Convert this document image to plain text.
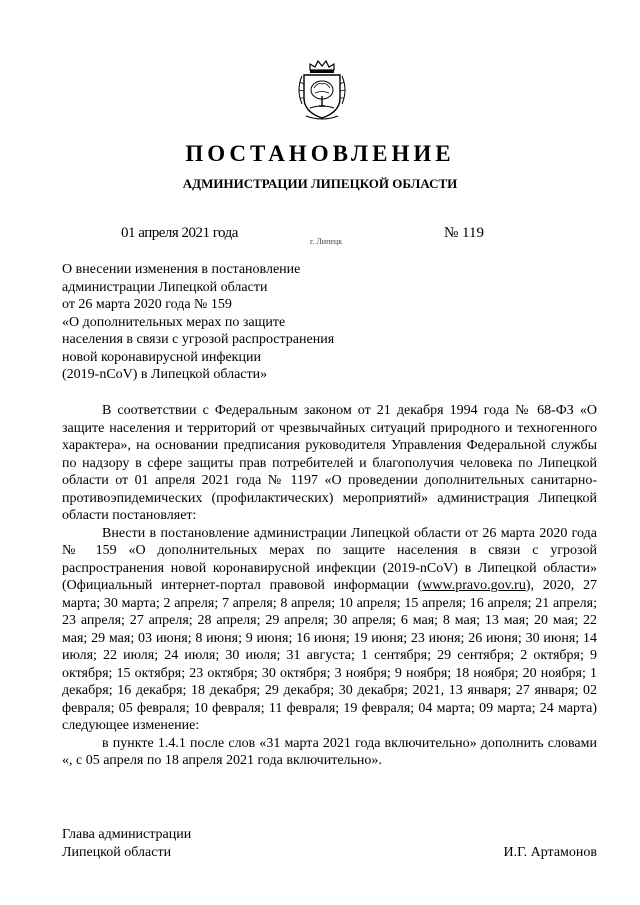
ПОСТАНОВЛЕНИЕ
АДМИНИСТРАЦИИ ЛИПЕЦКОЙ ОБЛАСТИ
01 апреля 2021 года
г. Липецк
№ 119
О внесении изменения в постановление
администрации Липецкой области
от 26 марта 2020 года № 159
«О дополнительных мерах по защите
населения в связи с угрозой распространения
новой коронавирусной инфекции
(2019-nCoV) в Липецкой области»

В соответствии с Федеральным законом от 21 декабря 1994 года № 68-ФЗ «О защите населения и территорий от чрезвычайных ситуаций природного и техногенного характера», на основании предписания руководителя Управления Федеральной службы по надзору в сфере защиты прав потребителей и благополучия человека по Липецкой области от 01 апреля 2021 года № 1197 «О проведении дополнительных санитарно-противоэпидемических (профилактических) мероприятий» администрация Липецкой области постановляет:

Внести в постановление администрации Липецкой области от 26 марта 2020 года № 159 «О дополнительных мерах по защите населения в связи с угрозой распространения новой коронавирусной инфекции (2019-nCoV) в Липецкой области» (Официальный интернет-портал правовой информации (www.pravo.gov.ru), 2020, 27 марта; 30 марта; 2 апреля; 7 апреля; 8 апреля; 10 апреля; 15 апреля; 16 апреля; 21 апреля; 23 апреля; 27 апреля; 28 апреля; 29 апреля; 30 апреля; 6 мая; 8 мая; 13 мая; 20 мая; 22 мая; 29 мая; 03 июня; 8 июня; 9 июня; 16 июня; 19 июня; 23 июня; 26 июня; 30 июня; 14 июля; 22 июля; 24 июля; 30 июля; 31 августа; 1 сентября; 29 сентября; 2 октября; 9 октября; 15 октября; 23 октября; 30 октября; 3 ноября; 9 ноября; 18 ноября; 20 ноября; 1 декабря; 16 декабря; 18 декабря; 29 декабря; 30 декабря; 2021, 13 января; 27 января; 02 февраля; 05 февраля; 10 февраля; 11 февраля; 19 февраля; 04 марта; 09 марта; 24 марта) следующее изменение:

в пункте 1.4.1 после слов «31 марта 2021 года включительно» дополнить словами «, с 05 апреля по 18 апреля 2021 года включительно».

Глава администрации
Липецкой области	И.Г. Артамонов
